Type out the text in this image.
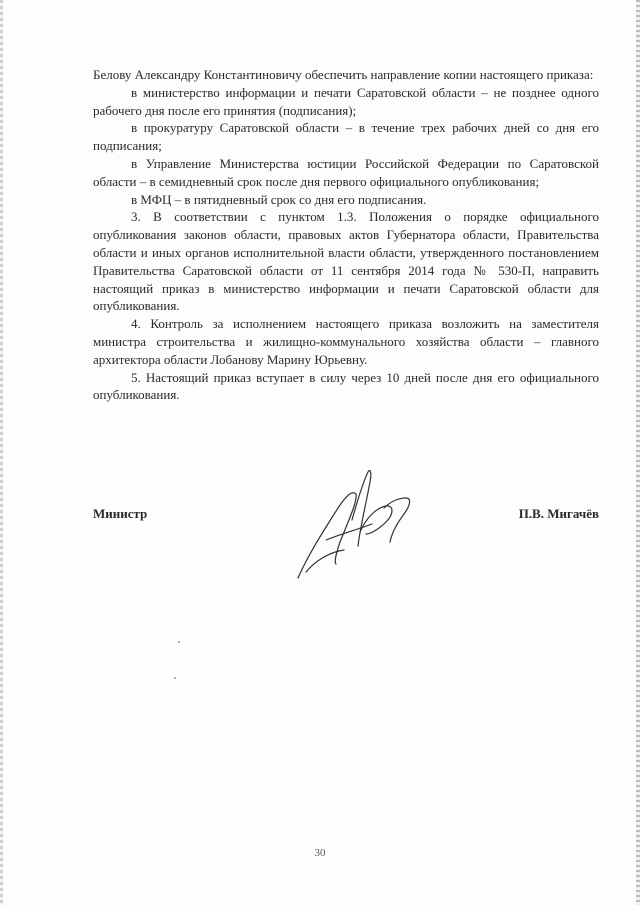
Белову Александру Константиновичу обеспечить направление копии настоящего приказа:

в министерство информации и печати Саратовской области – не позднее одного рабочего дня после его принятия (подписания);

в прокуратуру Саратовской области – в течение трех рабочих дней со дня его подписания;

в Управление Министерства юстиции Российской Федерации по Саратовской области – в семидневный срок после дня первого официального опубликования;

в МФЦ – в пятидневный срок со дня его подписания.

3. В соответствии с пунктом 1.3. Положения о порядке официального опубликования законов области, правовых актов Губернатора области, Правительства области и иных органов исполнительной власти области, утвержденного постановлением Правительства Саратовской области от 11 сентября 2014 года № 530-П, направить настоящий приказ в министерство информации и печати Саратовской области для опубликования.

4. Контроль за исполнением настоящего приказа возложить на заместителя министра строительства и жилищно-коммунального хозяйства области – главного архитектора области Лобанову Марину Юрьевну.

5. Настоящий приказ вступает в силу через 10 дней после дня его официального опубликования.

Министр	П.В. Мигачёв
30
